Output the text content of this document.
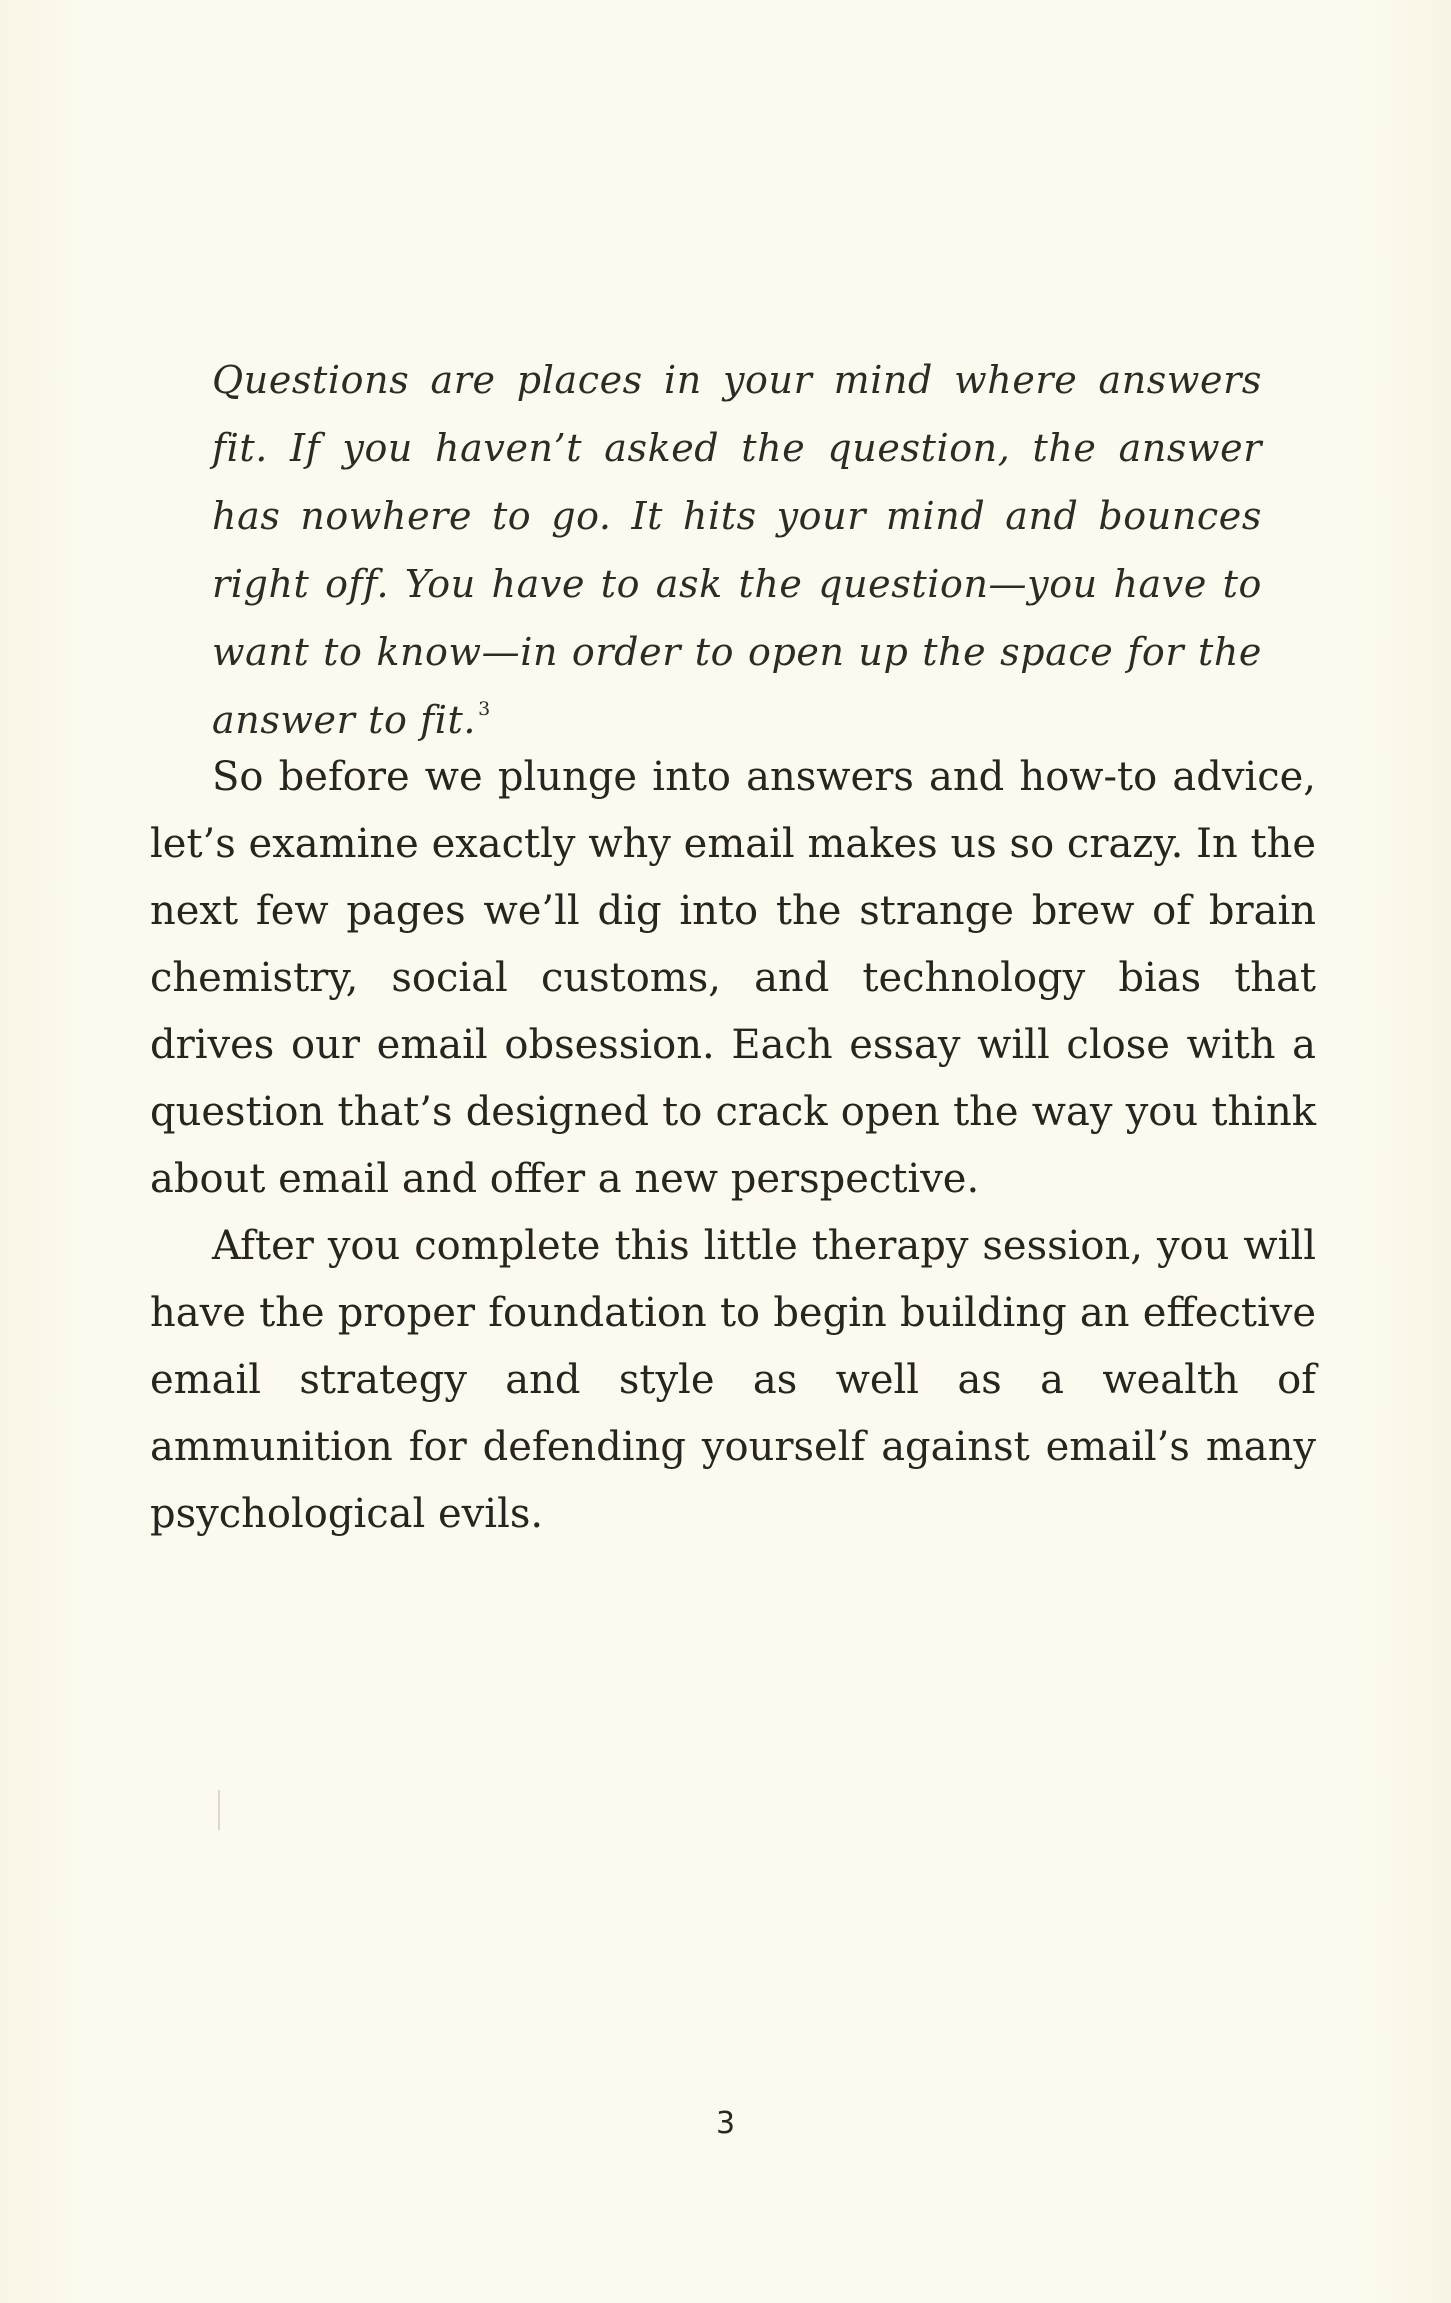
Questions are places in your mind where answers fit. If you haven’t asked the question, the answer has nowhere to go. It hits your mind and bounces right off. You have to ask the question—you have to want to know—in order to open up the space for the answer to fit. $^3$

So before we plunge into answers and how-to advice, let’s examine exactly why email makes us so crazy. In the next few pages we’ll dig into the strange brew of brain chemistry, social customs, and technology bias that drives our email obsession. Each essay will close with a question that’s designed to crack open the way you think about email and offer a new perspective.

After you complete this little therapy session, you will have the proper foundation to begin building an effective email strategy and style as well as a wealth of ammunition for defending yourself against email’s many psychological evils.

3
